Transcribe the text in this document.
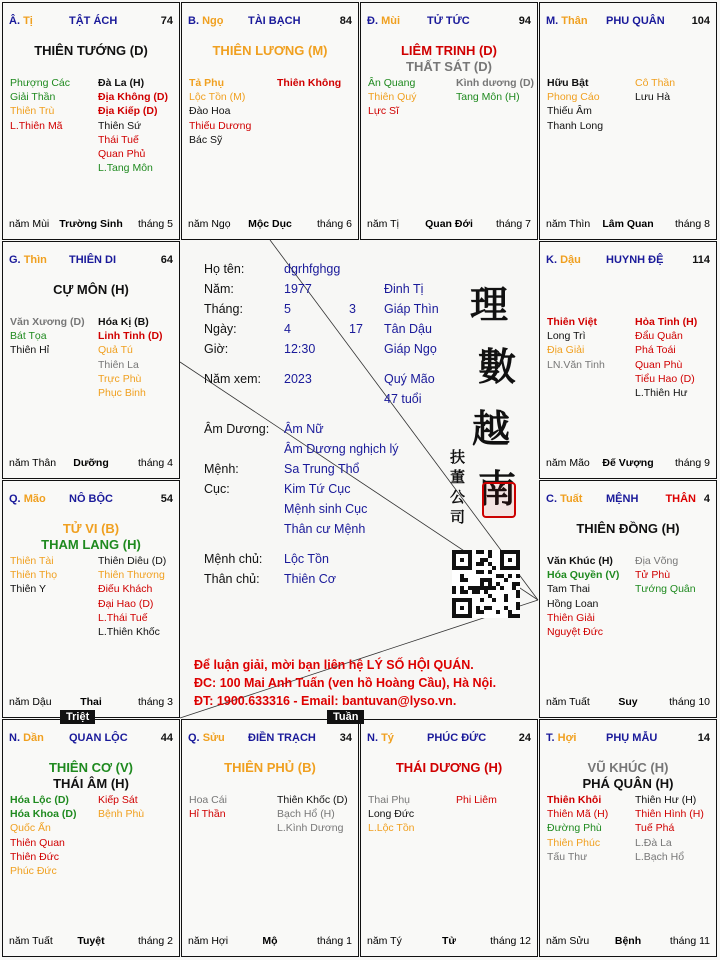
Â. Tị	TẬT ÁCH	74
THIÊN TƯỚNG (D)
Phượng Các
Giải Thần
Thiên Trù
L.Thiên Mã
Đà La (H)
Địa Không (D)
Địa Kiếp (D)
Thiên Sứ
Thái Tuế
Quan Phủ
L.Tang Môn
năm Mùi Trường Sinh	tháng 5
B. Ngọ TÀI BẠCH	84
THIÊN LƯƠNG (M)
Tả Phụ
Lộc Tồn (M)
Đào Hoa
Thiếu Dương
Bác Sỹ
Thiên Không
năm Ngọ	Mộc Dục	tháng 6
Đ. Mùi TỬ TỨC	94
LIÊM TRINH (D)
THẤT SÁT (D)
Ân Quang
Thiên Quý
Lực Sĩ
Kình dương (D)
Tang Môn (H)
năm Tị	Quan Đới	tháng 7
M. Thân PHU QUÂN 104
Hữu Bật
Phong Cáo
Thiếu Âm
Thanh Long
Cô Thần
Lưu Hà
năm Thìn	Lâm Quan	tháng 8
G. Thìn THIÊN DI	64
CỰ MÔN (H)
Văn Xương (D)
Bát Tọa
Thiên Hỉ
Hóa Kị (B)
Linh Tinh (D)
Quả Tú
Thiên La
Trực Phù
Phục Binh
năm Thân	Dưỡng	tháng 4
K. Dậu HUYNH ĐỆ	114
Thiên Việt
Long Trì
Địa Giải
LN.Văn Tinh
Hỏa Tinh (H)
Đẩu Quân
Phá Toái
Quan Phù
Tiểu Hao (D)
L.Thiên Hư
năm Mão	Đế Vượng	tháng 9
Q. Mão NÔ BỘC	54
TỬ VI (B)
THAM LANG (H)
Thiên Tài
Thiên Thọ
Thiên Y
Thiên Diêu (D)
Thiên Thương
Điếu Khách
Đại Hao (D)
L.Thái Tuế
L.Thiên Khốc
năm Dậu	Thai	tháng 3
C. Tuất MỆNH THÂN 4
THIÊN ĐỒNG (H)
Văn Khúc (H)
Hóa Quyền (V)
Tam Thai
Hồng Loan
Thiên Giải
Nguyệt Đức
Địa Võng
Tử Phù
Tướng Quân
năm Tuất	Suy	tháng 10
N. Dần QUAN LỘC	44
THIÊN CƠ (V)
THÁI ÂM (H)
Hóa Lộc (D)
Hóa Khoa (D)
Quốc Ấn
Thiên Quan
Thiên Đức
Phúc Đức
Kiếp Sát
Bệnh Phù
năm Tuất	Tuyệt	tháng 2
Q. Sửu ĐIỀN TRẠCH 34
THIÊN PHỦ (B)
Hoa Cái
Hỉ Thần
Thiên Khốc (D)
Bạch Hổ (H)
L.Kình Dương
năm Hợi	Mộ	tháng 1
N. Tý	PHÚC ĐỨC	24
THÁI DƯƠNG (H)
Thai Phụ
Long Đức
L.Lộc Tồn
Phi Liêm
năm Tý	Tử	tháng 12
T. Hợi	PHỤ MẪU	14
VŨ KHÚC (H)
PHÁ QUÂN (H)
Thiên Khôi
Thiên Mã (H)
Đường Phù
Thiên Phúc
Tấu Thư
Thiên Hư (H)
Thiên Hình (H)
Tuế Phá
L.Đà La
L.Bạch Hổ
năm Sửu	Bệnh	tháng 11
Họ tên:	dgrhfghgg
Năm:	1977	Đinh Tị
Tháng:	5	3 Giáp Thìn
Ngày:	4	17 Tân Dậu
Giờ:	12:30	Giáp Ngọ
Năm xem: 2023	Quý Mão
47 tuổi
Âm Dương: Âm Nữ
Âm Dương nghịch lý
Mệnh:	Sa Trung Thổ
Cục:	Kim Tứ Cục
Mệnh sinh Cục
Thân cư Mệnh
Mệnh chủ: Lộc Tồn
Thân chủ: Thiên Cơ
理
數
越
南
扶
董
公
司
Để luận giải, mời bạn liên hệ LÝ SỐ HỘI QUÁN.
ĐC: 100 Mai Anh Tuấn (ven hồ Hoàng Cầu), Hà Nội.
ĐT: 1900.633316 - Email: bantuvan@lyso.vn.
Triệt	Tuần
